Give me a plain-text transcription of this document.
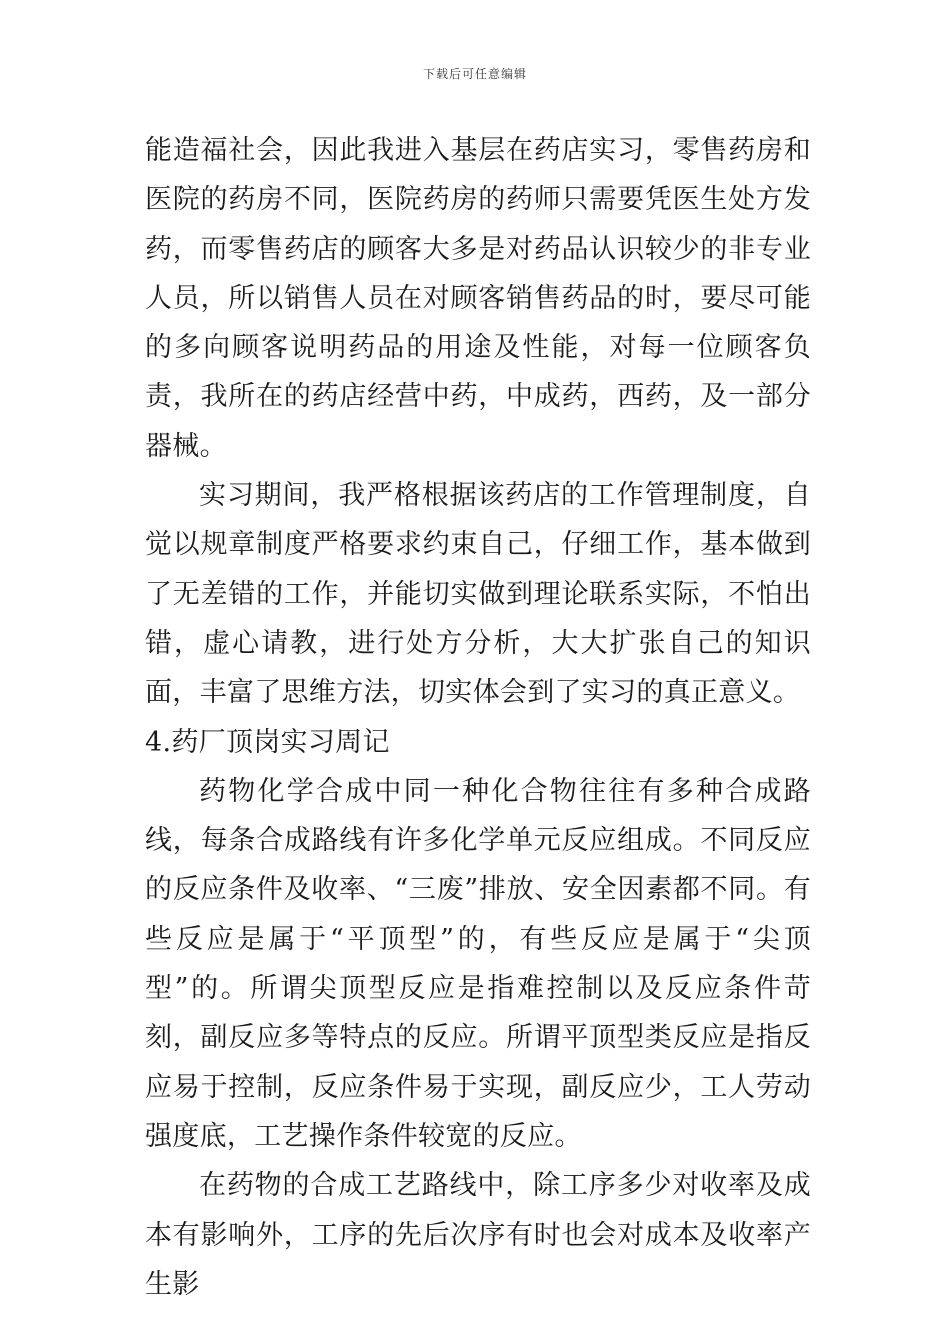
下载后可任意编辑

能造福社会，因此我进入基层在药店实习，零售药房和医院的药房不同，医院药房的药师只需要凭医生处方发药，而零售药店的顾客大多是对药品认识较少的非专业人员，所以销售人员在对顾客销售药品的时，要尽可能的多向顾客说明药品的用途及性能，对每一位顾客负责，我所在的药店经营中药，中成药，西药，及一部分器械。

实习期间，我严格根据该药店的工作管理制度，自觉以规章制度严格要求约束自己，仔细工作，基本做到了无差错的工作，并能切实做到理论联系实际，不怕出错，虚心请教，进行处方分析，大大扩张自己的知识面，丰富了思维方法，切实体会到了实习的真正意义。

4.药厂顶岗实习周记

药物化学合成中同一种化合物往往有多种合成路线，每条合成路线有许多化学单元反应组成。不同反应的反应条件及收率、“三废”排放、安全因素都不同。有些反应是属于“平顶型”的，有些反应是属于“尖顶型”的。所谓尖顶型反应是指难控制以及反应条件苛刻，副反应多等特点的反应。所谓平顶型类反应是指反应易于控制，反应条件易于实现，副反应少，工人劳动强度底，工艺操作条件较宽的反应。

在药物的合成工艺路线中，除工序多少对收率及成本有影响外，工序的先后次序有时也会对成本及收率产生影
